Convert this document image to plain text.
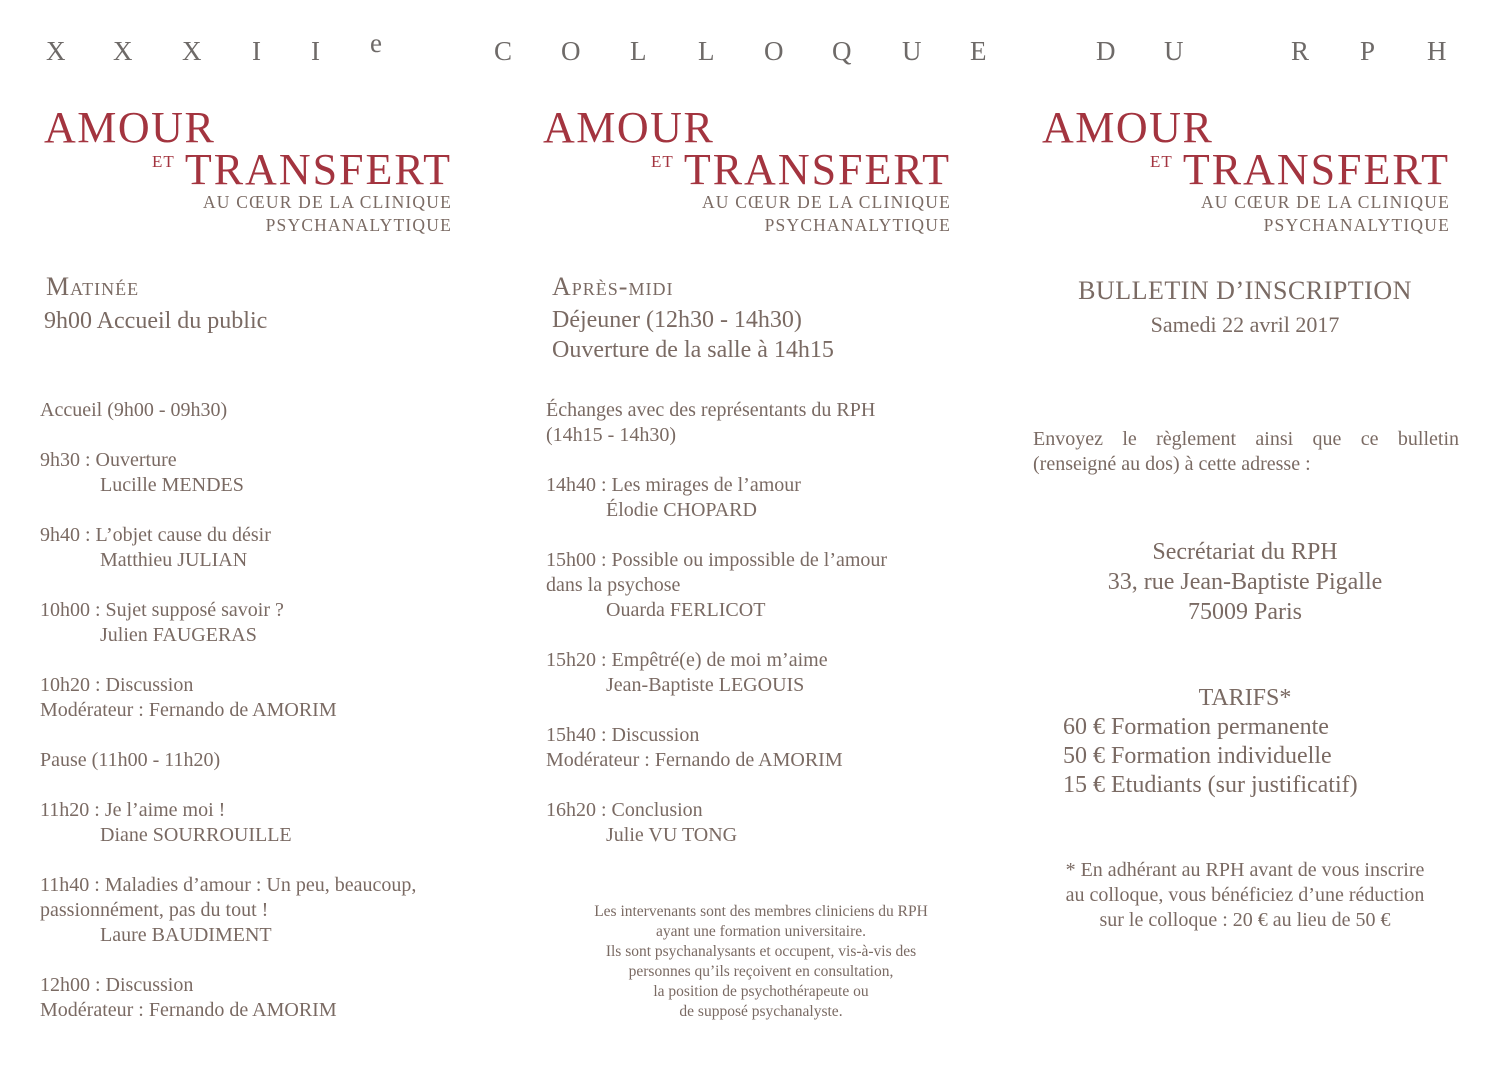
X X X I I e	C O L L O Q U E	D U	R P H
AMOUR
ET TRANSFERT
AU CŒUR DE LA CLINIQUE
PSYCHANALYTIQUE
AMOUR
ET TRANSFERT
AU CŒUR DE LA CLINIQUE
PSYCHANALYTIQUE
AMOUR
ET TRANSFERT
AU CŒUR DE LA CLINIQUE
PSYCHANALYTIQUE
Matinée
9h00 Accueil du public
Accueil (9h00 - 09h30)
9h30 : Ouverture
Lucille MENDES
9h40 : L’objet cause du désir
Matthieu JULIAN
10h00 : Sujet supposé savoir ?
Julien FAUGERAS
10h20 : Discussion
Modérateur : Fernando de AMORIM
Pause (11h00 - 11h20)
11h20 : Je l’aime moi !
Diane SOURROUILLE
11h40 : Maladies d’amour : Un peu, beaucoup,
passionnément, pas du tout !
Laure BAUDIMENT
12h00 : Discussion
Modérateur : Fernando de AMORIM
Après-midi
Déjeuner (12h30 - 14h30)
Ouverture de la salle à 14h15
Échanges avec des représentants du RPH
(14h15 - 14h30)
14h40 : Les mirages de l’amour
Élodie CHOPARD
15h00 : Possible ou impossible de l’amour
dans la psychose
Ouarda FERLICOT
15h20 : Empêtré(e) de moi m’aime
Jean-Baptiste LEGOUIS
15h40 : Discussion
Modérateur : Fernando de AMORIM
16h20 : Conclusion
Julie VU TONG
Les intervenants sont des membres cliniciens du RPH
ayant une formation universitaire.
Ils sont psychanalysants et occupent, vis-à-vis des
personnes qu’ils reçoivent en consultation,
la position de psychothérapeute ou
de supposé psychanalyste.
BULLETIN D’INSCRIPTION
Samedi 22 avril 2017
Envoyez le règlement ainsi que ce bulletin
(renseigné au dos) à cette adresse :
Secrétariat du RPH
33, rue Jean-Baptiste Pigalle
75009 Paris
TARIFS*
60 € Formation permanente
50 € Formation individuelle
15 € Etudiants (sur justificatif)
* En adhérant au RPH avant de vous inscrire
au colloque, vous bénéficiez d’une réduction
sur le colloque : 20 € au lieu de 50 €
